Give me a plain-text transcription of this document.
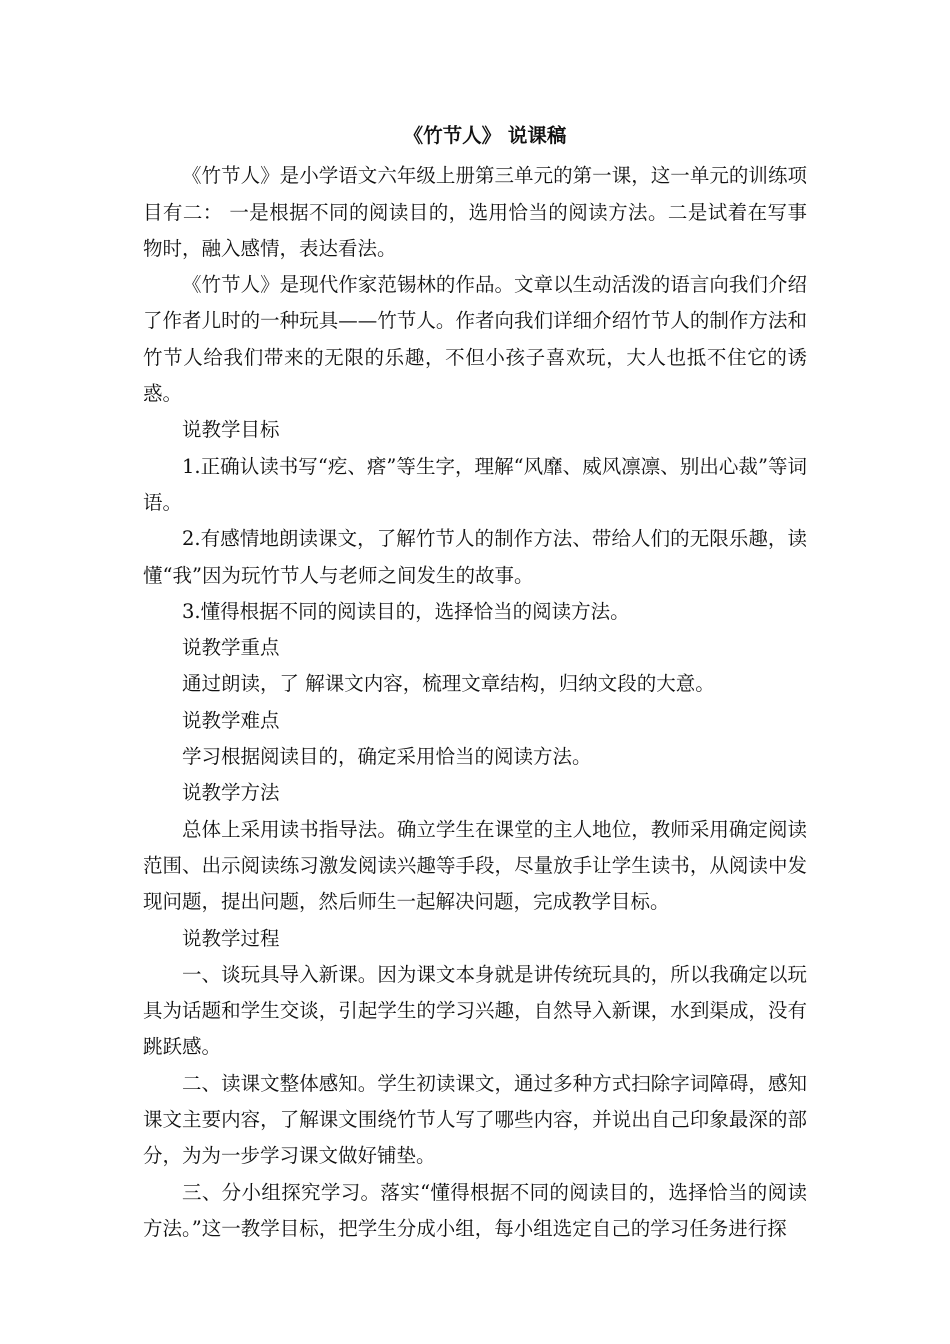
《竹节人》 说课稿

《竹节人》是小学语文六年级上册第三单元的第一课，这一单元的训练项目有二： 一是根据不同的阅读目的，选用恰当的阅读方法。二是试着在写事物时，融入感情，表达看法。

《竹节人》是现代作家范锡林的作品。文章以生动活泼的语言向我们介绍了作者儿时的一种玩具——竹节人。作者向我们详细介绍竹节人的制作方法和竹节人给我们带来的无限的乐趣，不但小孩子喜欢玩，大人也抵不住它的诱惑。

说教学目标

1.正确认读书写“疙、瘩”等生字，理解“风靡、威风凛凛、别出心裁”等词语。

2.有感情地朗读课文，了解竹节人的制作方法、带给人们的无限乐趣，读懂“我”因为玩竹节人与老师之间发生的故事。

3.懂得根据不同的阅读目的，选择恰当的阅读方法。

说教学重点

通过朗读，了 解课文内容，梳理文章结构，归纳文段的大意。

说教学难点

学习根据阅读目的，确定采用恰当的阅读方法。

说教学方法

总体上采用读书指导法。确立学生在课堂的主人地位，教师采用确定阅读范围、出示阅读练习激发阅读兴趣等手段，尽量放手让学生读书，从阅读中发现问题，提出问题，然后师生一起解决问题，完成教学目标。

说教学过程

一、谈玩具导入新课。因为课文本身就是讲传统玩具的，所以我确定以玩具为话题和学生交谈，引起学生的学习兴趣，自然导入新课，水到渠成，没有跳跃感。

二、读课文整体感知。学生初读课文，通过多种方式扫除字词障碍，感知课文主要内容，了解课文围绕竹节人写了哪些内容，并说出自己印象最深的部分，为为一步学习课文做好铺垫。

三、分小组探究学习。落实“懂得根据不同的阅读目的，选择恰当的阅读方法。”这一教学目标，把学生分成小组，每小组选定自己的学习任务进行探
